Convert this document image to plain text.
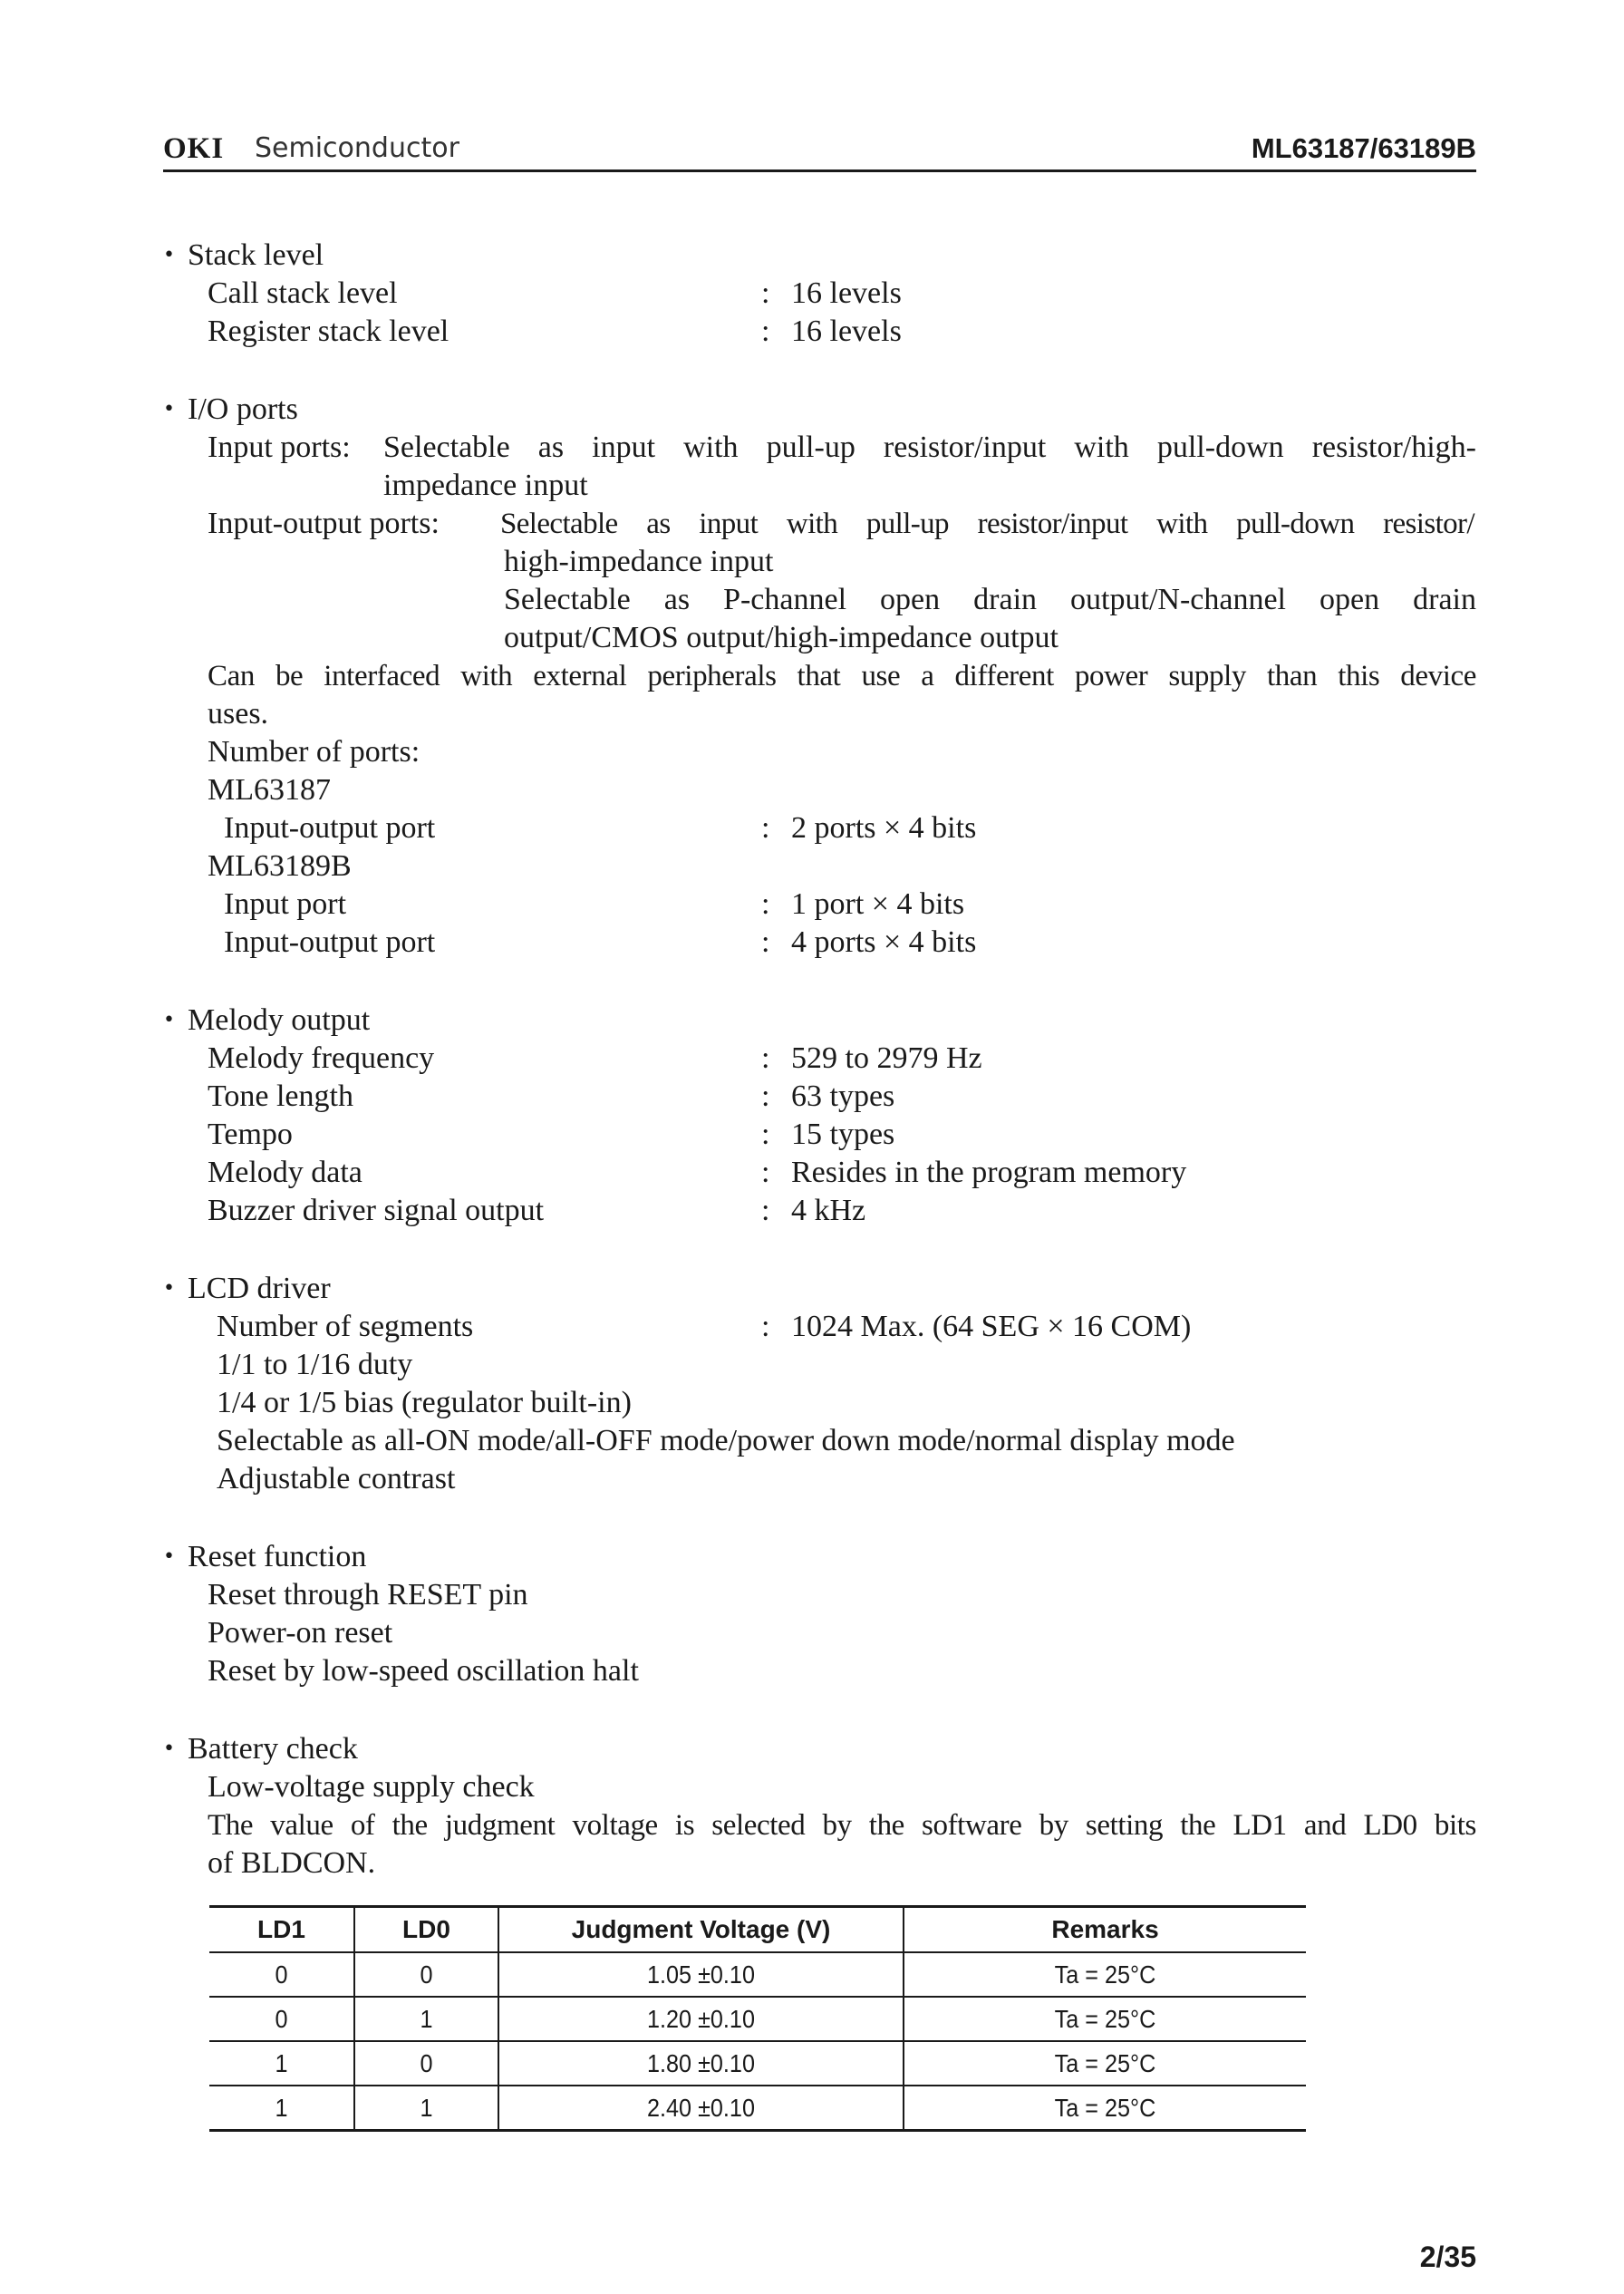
OKI Semiconductor	ML63187/63189B
• Stack level
Call stack level	: 16 levels
Register stack level	: 16 levels
• I/O ports
Input ports: Selectable as input with pull-up resistor/input with pull-down resistor/high-
impedance input
Input-output ports: Selectable as input with pull-up resistor/input with pull-down resistor/
high-impedance input
Selectable as P-channel open drain output/N-channel open drain
output/CMOS output/high-impedance output
Can be interfaced with external peripherals that use a different power supply than this device
uses.
Number of ports:
ML63187
Input-output port	: 2 ports × 4 bits
ML63189B
Input port	: 1 port × 4 bits
Input-output port	: 4 ports × 4 bits
• Melody output
Melody frequency	: 529 to 2979 Hz
Tone length	: 63 types
Tempo	: 15 types
Melody data	: Resides in the program memory
Buzzer driver signal output	: 4 kHz
• LCD driver
Number of segments	: 1024 Max. (64 SEG × 16 COM)
1/1 to 1/16 duty
1/4 or 1/5 bias (regulator built-in)
Selectable as all-ON mode/all-OFF mode/power down mode/normal display mode
Adjustable contrast
• Reset function
Reset through RESET pin
Power-on reset
Reset by low-speed oscillation halt
• Battery check
Low-voltage supply check
The value of the judgment voltage is selected by the software by setting the LD1 and LD0 bits
of BLDCON.
LD1	LD0	Judgment Voltage (V)	Remarks
0	0	1.05 ±0.10	Ta = 25°C
0	1	1.20 ±0.10	Ta = 25°C
1	0	1.80 ±0.10	Ta = 25°C
1	1	2.40 ±0.10	Ta = 25°C
2/35
